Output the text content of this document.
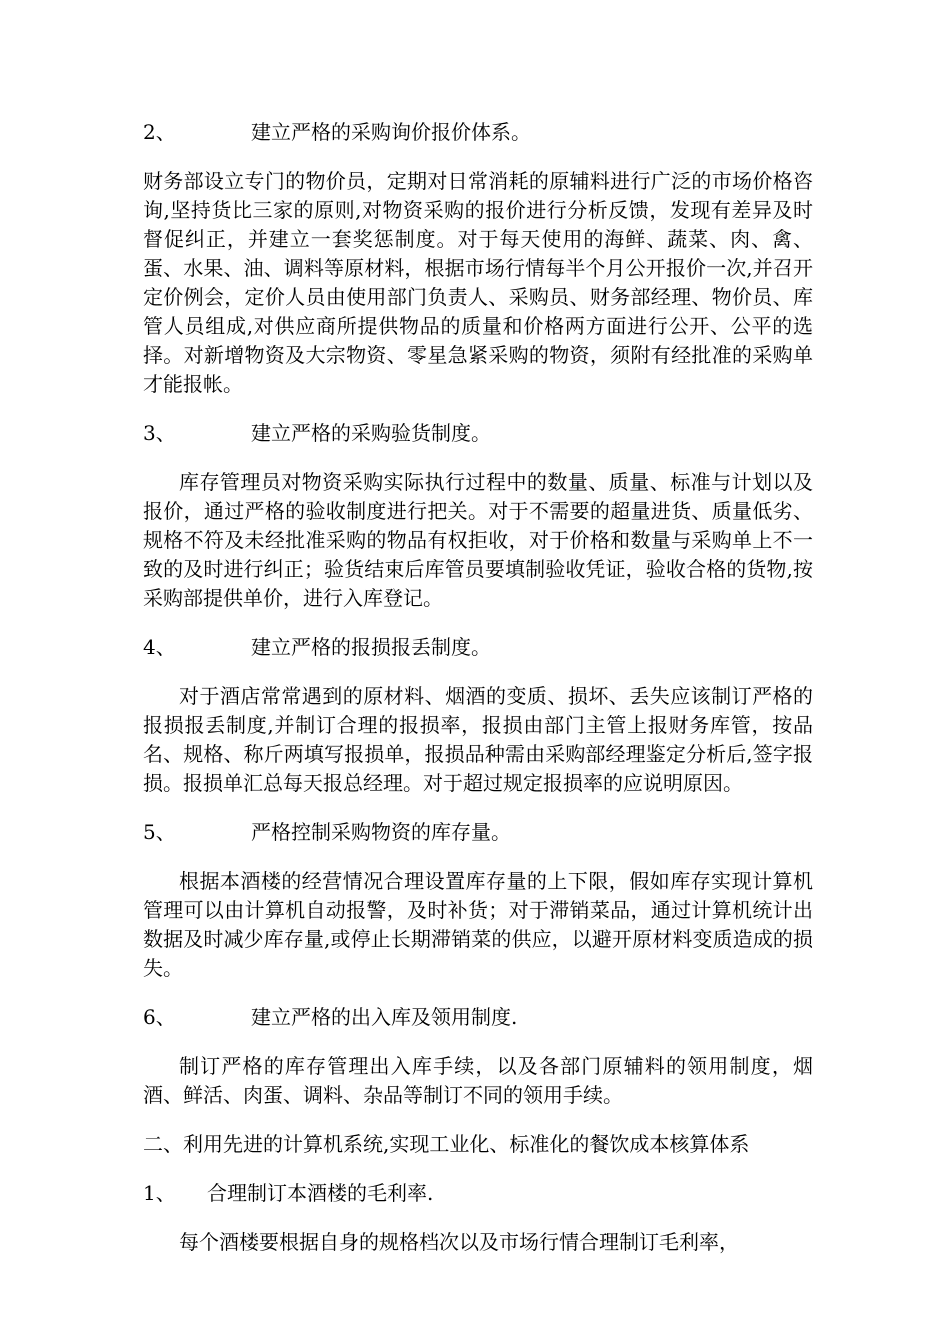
2、	建立严格的采购询价报价体系。

财务部设立专门的物价员，定期对日常消耗的原辅料进行广泛的市场价格咨询,坚持货比三家的原则,对物资采购的报价进行分析反馈，发现有差异及时督促纠正，并建立一套奖惩制度。对于每天使用的海鲜、蔬菜、肉、禽、蛋、水果、油、调料等原材料，根据市场行情每半个月公开报价一次,并召开定价例会，定价人员由使用部门负责人、采购员、财务部经理、物价员、库管人员组成,对供应商所提供物品的质量和价格两方面进行公开、公平的选择。对新增物资及大宗物资、零星急紧采购的物资，须附有经批准的采购单才能报帐。

3、	建立严格的采购验货制度。

库存管理员对物资采购实际执行过程中的数量、质量、标准与计划以及报价，通过严格的验收制度进行把关。对于不需要的超量进货、质量低劣、规格不符及未经批准采购的物品有权拒收，对于价格和数量与采购单上不一致的及时进行纠正；验货结束后库管员要填制验收凭证，验收合格的货物,按采购部提供单价，进行入库登记。

4、	建立严格的报损报丢制度。

对于酒店常常遇到的原材料、烟酒的变质、损坏、丢失应该制订严格的报损报丢制度,并制订合理的报损率，报损由部门主管上报财务库管，按品名、规格、称斤两填写报损单，报损品种需由采购部经理鉴定分析后,签字报损。报损单汇总每天报总经理。对于超过规定报损率的应说明原因。

5、	严格控制采购物资的库存量。

根据本酒楼的经营情况合理设置库存量的上下限，假如库存实现计算机管理可以由计算机自动报警，及时补货；对于滞销菜品，通过计算机统计出数据及时减少库存量,或停止长期滞销菜的供应，以避开原材料变质造成的损失。

6、	建立严格的出入库及领用制度.

制订严格的库存管理出入库手续，以及各部门原辅料的领用制度，烟酒、鲜活、肉蛋、调料、杂品等制订不同的领用手续。

二、利用先进的计算机系统,实现工业化、标准化的餐饮成本核算体系

1、 合理制订本酒楼的毛利率.

每个酒楼要根据自身的规格档次以及市场行情合理制订毛利率，
